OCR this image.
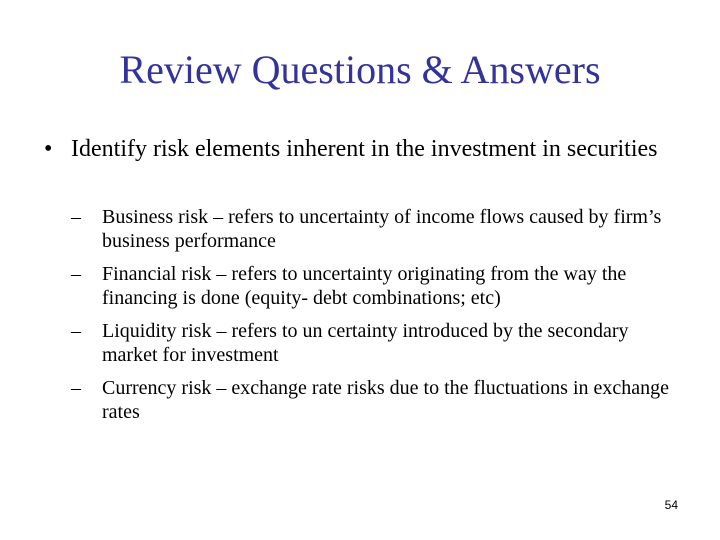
Review Questions & Answers
• Identify risk elements inherent in the investment in securities
–	Business risk – refers to uncertainty of income flows caused by firm’s business performance
–	Financial risk – refers to uncertainty originating from the way the financing is done (equity- debt combinations; etc)
–	Liquidity risk – refers to un certainty introduced by the secondary market for investment
–	Currency risk – exchange rate risks due to the fluctuations in exchange rates
54
